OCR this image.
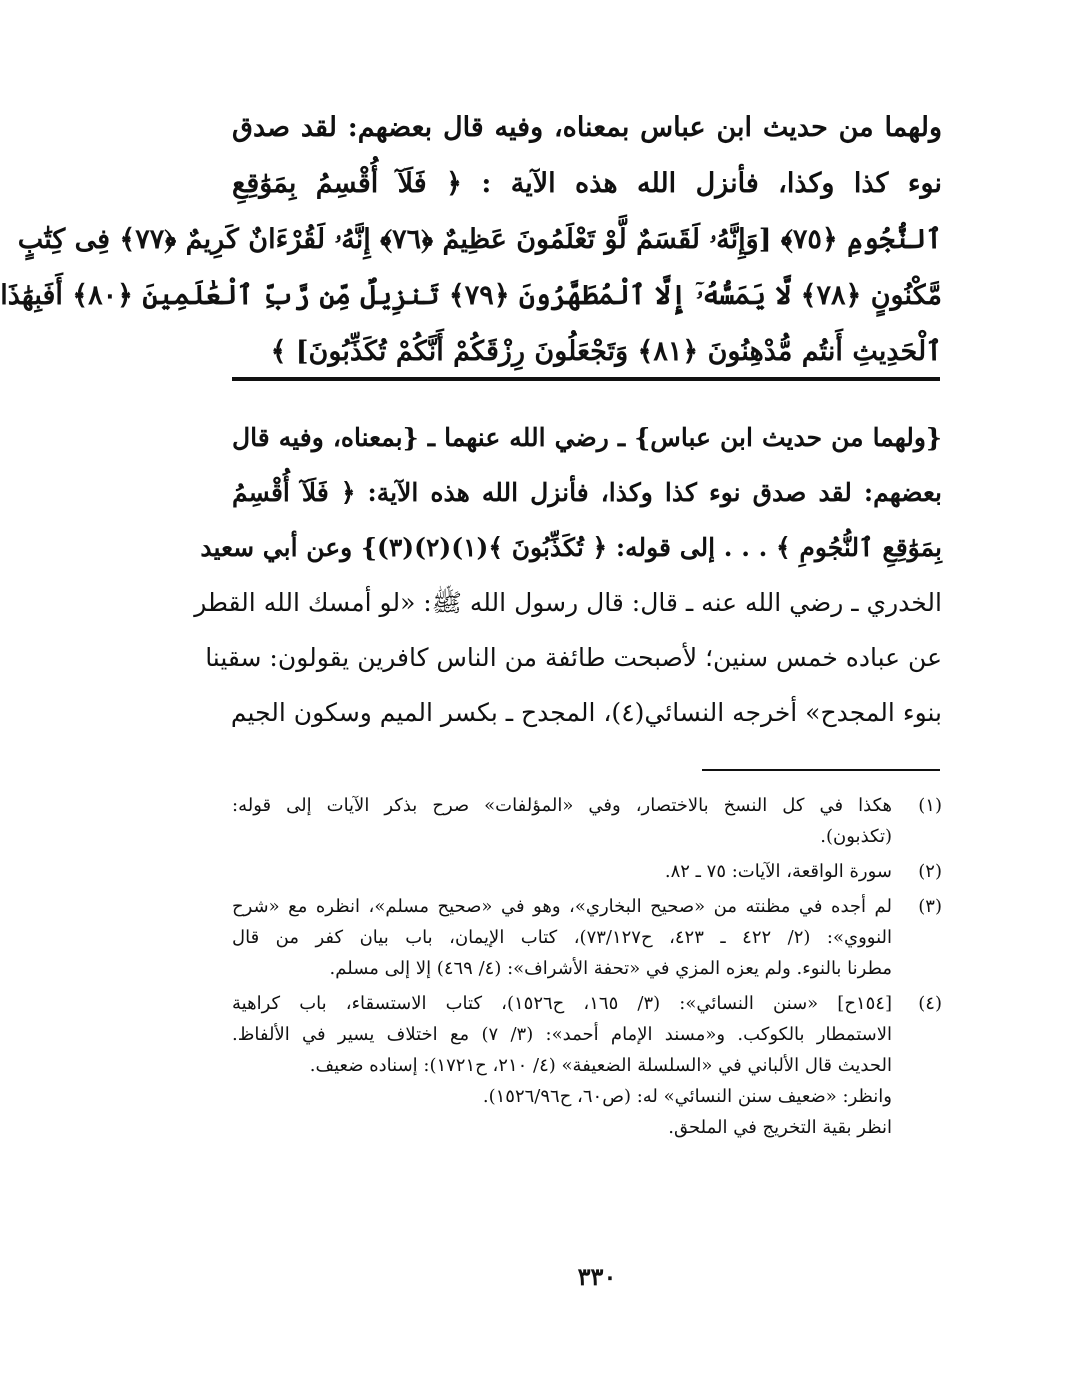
ولهما من حديث ابن عباس بمعناه، وفيه قال بعضهم: لقد صدق
نوء كذا وكذا، فأنزل الله هذه الآية : ﴿ فَلَآ أُقْسِمُ بِمَوَٰقِعِ
ٱلنُّجُومِ ﴿٧٥﴾ [وَإِنَّهُۥ لَقَسَمٌ لَّوْ تَعْلَمُونَ عَظِيمٌ ﴿٧٦﴾ إِنَّهُۥ لَقُرْءَانٌ كَرِيمٌ ﴿٧٧﴾ فِى كِتَٰبٍ
مَّكْنُونٍ ﴿٧٨﴾ لَّا يَمَسُّهُۥٓ إِلَّا ٱلْمُطَهَّرُونَ ﴿٧٩﴾ تَنزِيلٌ مِّن رَّبِّ ٱلْعَٰلَمِينَ ﴿٨٠﴾ أَفَبِهَٰذَا
ٱلْحَدِيثِ أَنتُم مُّدْهِنُونَ ﴿٨١﴾ وَتَجْعَلُونَ رِزْقَكُمْ أَنَّكُمْ تُكَذِّبُونَ] ﴾
{ولهما من حديث ابن عباس} ـ رضي الله عنهما ـ {بمعناه، وفيه قال
بعضهم: لقد صدق نوء كذا وكذا، فأنزل الله هذه الآية: ﴿ فَلَآ أُقْسِمُ
بِمَوَٰقِعِ ٱلنُّجُومِ ﴾ . . . إلى قوله: ﴿ تُكَذِّبُونَ ﴾(١)(٢)(٣)} وعن أبي سعيد
الخدري ـ رضي الله عنه ـ قال: قال رسول الله ﷺ: «لو أمسك الله القطر
عن عباده خمس سنين؛ لأصبحت طائفة من الناس كافرين يقولون: سقينا
بنوء المجدح» أخرجه النسائي(٤)، المجدح ـ بكسر الميم وسكون الجيم
(١)
هكذا في كل النسخ بالاختصار، وفي «المؤلفات» صرح بذكر الآيات إلى قوله:
(تكذبون).
(٢)
سورة الواقعة، الآيات: ٧٥ ـ ٨٢.
(٣)
لم أجده في مظنته من «صحيح البخاري»، وهو في «صحيح مسلم»، انظره مع «شرح
النووي»: (٢/ ٤٢٢ ـ ٤٢٣، ح٧٣/١٢٧)، كتاب الإيمان، باب بيان كفر من قال
مطرنا بالنوء. ولم يعزه المزي في «تحفة الأشراف»: (٤/ ٤٦٩) إلا إلى مسلم.
(٤)
[١٥٤ح] «سنن النسائي»: (٣/ ١٦٥، ح١٥٢٦)، كتاب الاستسقاء، باب كراهية
الاستمطار بالكوكب. و«مسند الإمام أحمد»: (٣/ ٧) مع اختلاف يسير في الألفاظ.
الحديث قال الألباني في «السلسلة الضعيفة» (٤/ ٢١٠، ح١٧٢١): إسناده ضعيف.
وانظر: «ضعيف سنن النسائي» له: (ص٦٠، ح١٥٢٦/٩٦).
انظر بقية التخريج في الملحق.
٣٣٠
